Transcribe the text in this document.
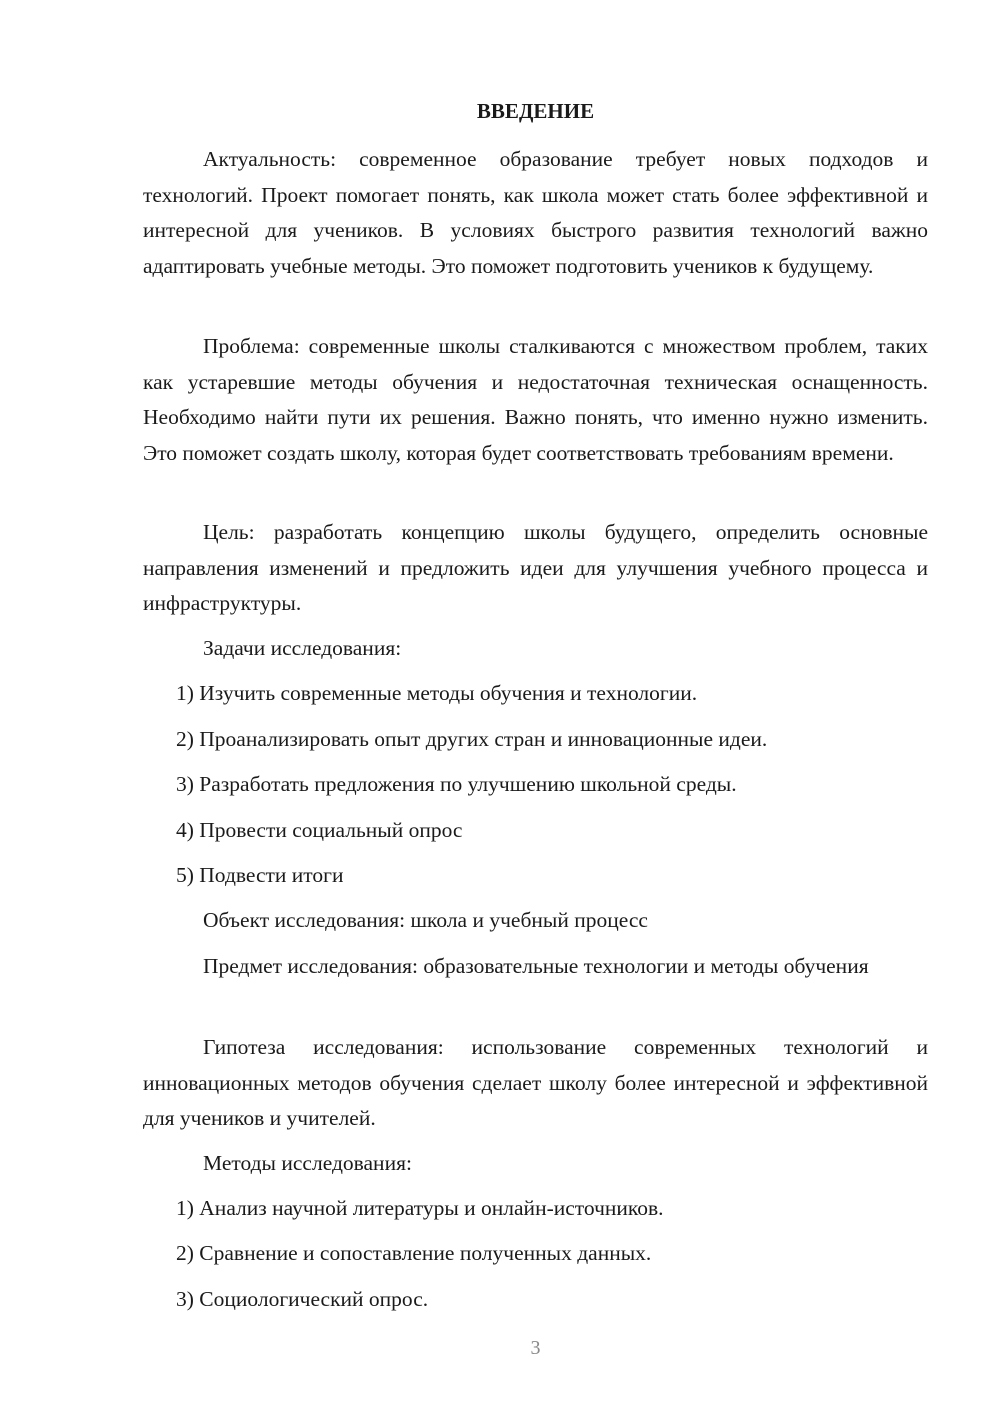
ВВЕДЕНИЕ

Актуальность: современное образование требует новых подходов и технологий. Проект помогает понять, как школа может стать более эффективной и интересной для учеников. В условиях быстрого развития технологий важно адаптировать учебные методы. Это поможет подготовить учеников к будущему.

Проблема: современные школы сталкиваются с множеством проблем, таких как устаревшие методы обучения и недостаточная техническая оснащенность. Необходимо найти пути их решения. Важно понять, что именно нужно изменить. Это поможет создать школу, которая будет соответствовать требованиям времени.

Цель: разработать концепцию школы будущего, определить основные направления изменений и предложить идеи для улучшения учебного процесса и инфраструктуры.

Задачи исследования:

1) Изучить современные методы обучения и технологии.

2) Проанализировать опыт других стран и инновационные идеи.

3) Разработать предложения по улучшению школьной среды.

4) Провести социальный опрос

5) Подвести итоги

Объект исследования: школа и учебный процесс

Предмет исследования: образовательные технологии и методы обучения

Гипотеза исследования: использование современных технологий и инновационных методов обучения сделает школу более интересной и эффективной для учеников и учителей.

Методы исследования:

1) Анализ научной литературы и онлайн-источников.

2) Сравнение и сопоставление полученных данных.

3) Социологический опрос.

3
